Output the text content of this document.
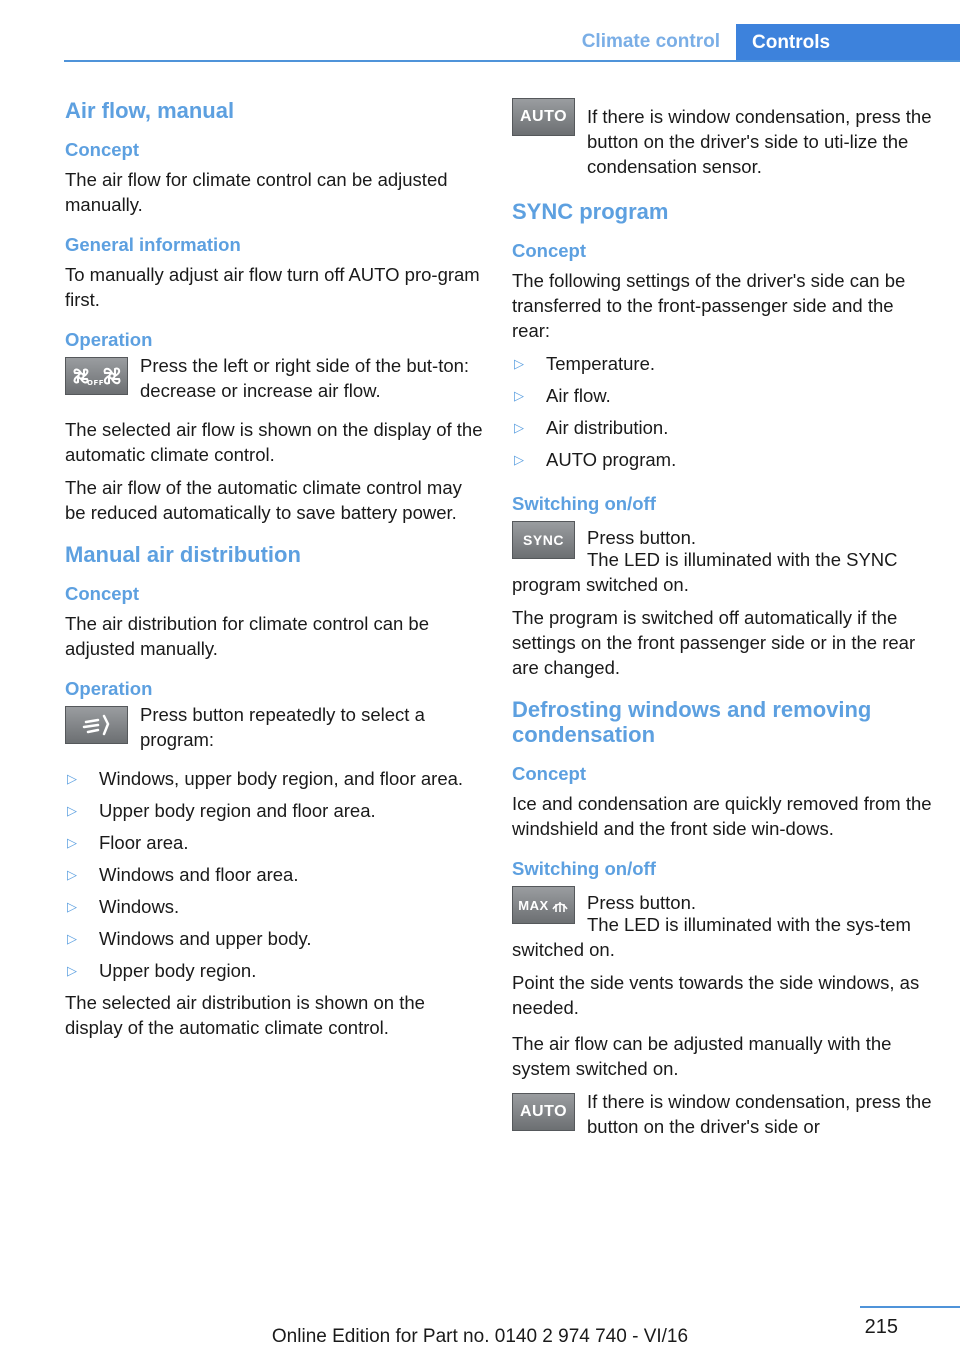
Climate control	Controls
Air flow, manual
Concept
The air flow for climate control can be adjusted manually.
General information
To manually adjust air flow turn off AUTO pro-gram first.
Operation
OFF
Press the left or right side of the but-ton: decrease or increase air flow.
The selected air flow is shown on the display of the automatic climate control.
The air flow of the automatic climate control may be reduced automatically to save battery power.
Manual air distribution
Concept
The air distribution for climate control can be adjusted manually.
Operation
Press button repeatedly to select a program:
▷	Windows, upper body region, and floor area.
▷	Upper body region and floor area.
▷	Floor area.
▷	Windows and floor area.
▷	Windows.
▷	Windows and upper body.
▷	Upper body region.
The selected air distribution is shown on the display of the automatic climate control.
AUTO	If there is window condensation, press the button on the driver's side to uti-lize the condensation sensor.
SYNC program
Concept
The following settings of the driver's side can be transferred to the front-passenger side and the rear:
▷	Temperature.
▷	Air flow.
▷	Air distribution.
▷	AUTO program.
Switching on/off
SYNC	Press button.
The LED is illuminated with the SYNC program switched on.
The program is switched off automatically if the settings on the front passenger side or in the rear are changed.
Defrosting windows and removing condensation
Concept
Ice and condensation are quickly removed from the windshield and the front side win-dows.
Switching on/off
MAX Press button.
The LED is illuminated with the sys-tem switched on.
Point the side vents towards the side windows, as needed.
The air flow can be adjusted manually with the system switched on.
AUTO	If there is window condensation, press the button on the driver's side or
215
Online Edition for Part no. 0140 2 974 740 - VI/16
